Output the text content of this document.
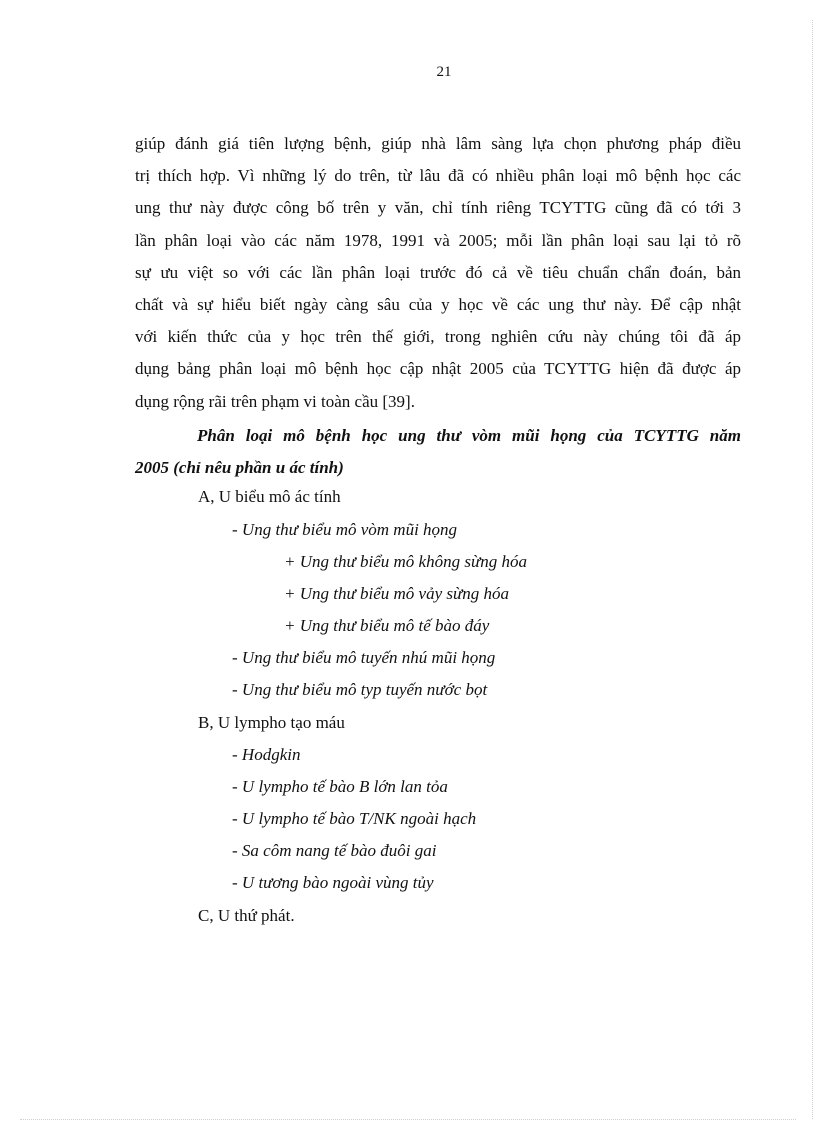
21
giúp đánh giá tiên lượng bệnh, giúp nhà lâm sàng lựa chọn phương pháp điều
trị thích hợp. Vì những lý do trên, từ lâu đã có nhiều phân loại mô bệnh học các
ung thư này được công bố trên y văn, chỉ tính riêng TCYTTG cũng đã có tới 3
lần phân loại vào các năm 1978, 1991 và 2005; mỗi lần phân loại sau lại tỏ rõ
sự ưu việt so với các lần phân loại trước đó cả về tiêu chuẩn chẩn đoán, bản
chất và sự hiểu biết ngày càng sâu của y học về các ung thư này. Để cập nhật
với kiến thức của y học trên thế giới, trong nghiên cứu này chúng tôi đã áp
dụng bảng phân loại mô bệnh học cập nhật 2005 của TCYTTG hiện đã được áp
dụng rộng rãi trên phạm vi toàn cầu [39].
Phân loại mô bệnh học ung thư vòm mũi họng của TCYTTG năm
2005 (chỉ nêu phần u ác tính)
A, U biểu mô ác tính
- Ung thư biểu mô vòm mũi họng
+ Ung thư biểu mô không sừng hóa
+ Ung thư biểu mô vảy sừng hóa
+ Ung thư biểu mô tế bào đáy
- Ung thư biểu mô tuyến nhú mũi họng
- Ung thư biểu mô typ tuyến nước bọt
B, U lympho tạo máu
- Hodgkin
- U lympho tế bào B lớn lan tỏa
- U lympho tế bào T/NK ngoài hạch
- Sa côm nang tế bào đuôi gai
- U tương bào ngoài vùng tủy
C, U thứ phát.
